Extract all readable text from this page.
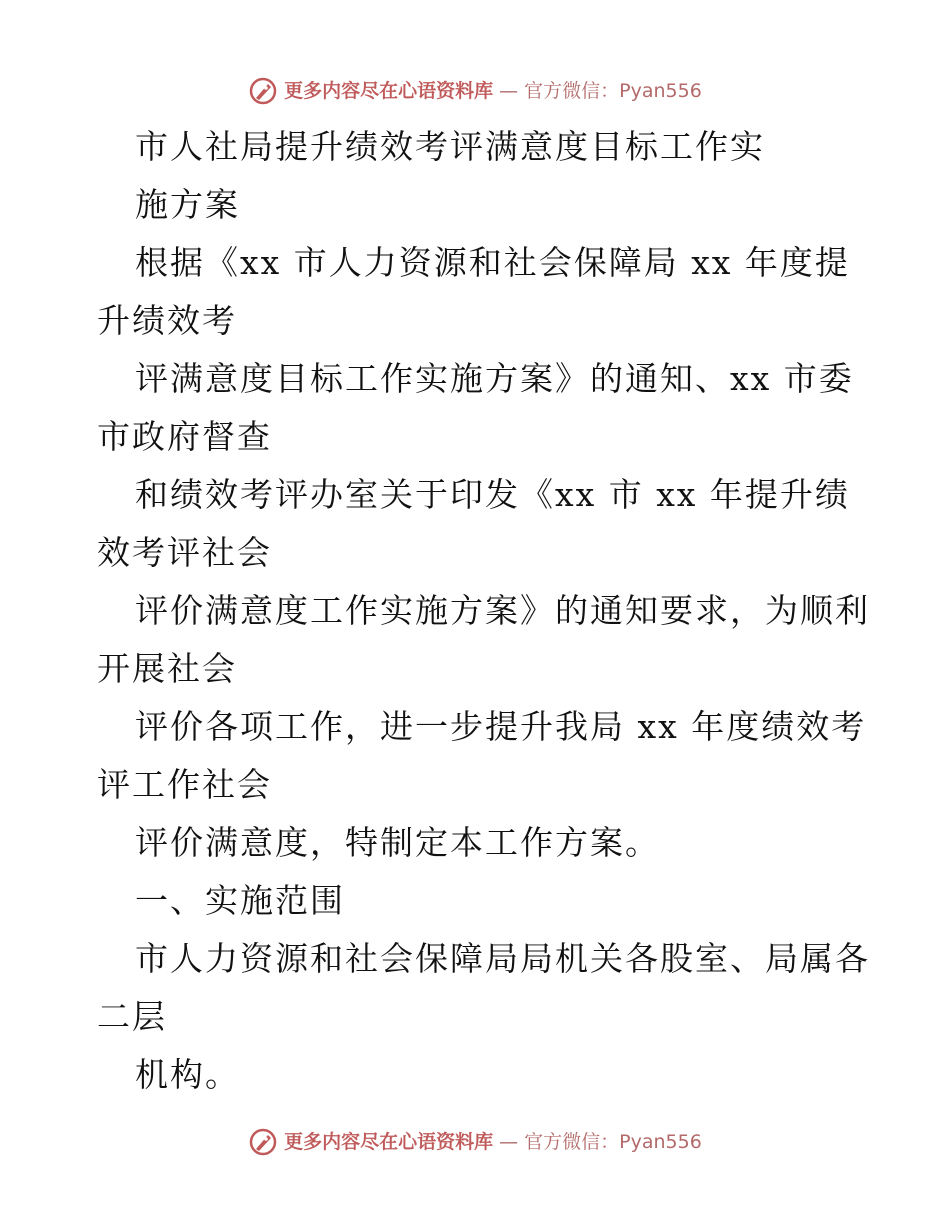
更多内容尽在心语资料库 — 官方微信：Pyan556
市人社局提升绩效考评满意度目标工作实
施方案
根据《xx 市人力资源和社会保障局 xx 年度提
升绩效考
评满意度目标工作实施方案》的通知、xx 市委
市政府督查
和绩效考评办室关于印发《xx 市 xx 年提升绩
效考评社会
评价满意度工作实施方案》的通知要求，为顺利
开展社会
评价各项工作，进一步提升我局 xx 年度绩效考
评工作社会
评价满意度，特制定本工作方案。
一、实施范围
市人力资源和社会保障局局机关各股室、局属各
二层
机构。
更多内容尽在心语资料库 — 官方微信：Pyan556
